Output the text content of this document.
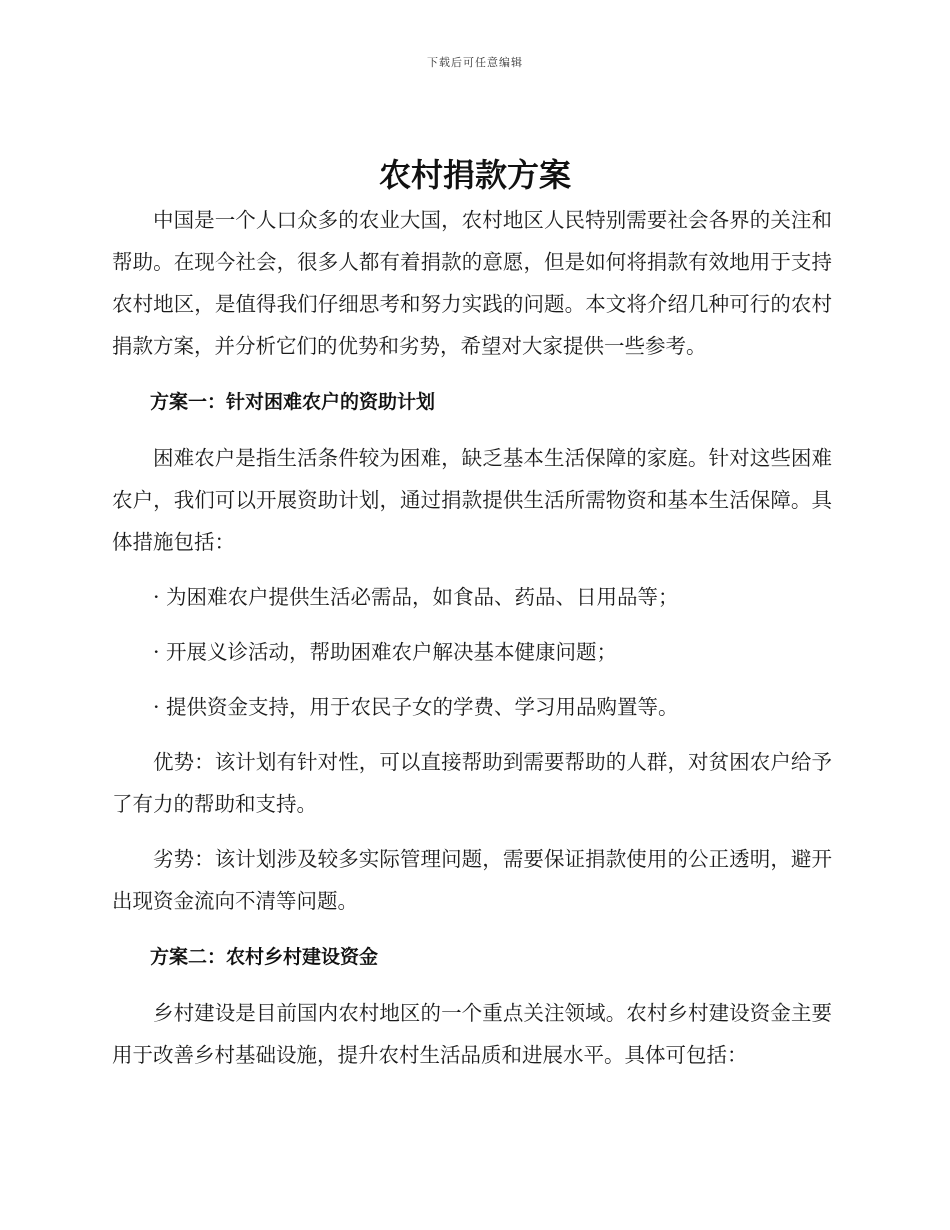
下载后可任意编辑
农村捐款方案

中国是一个人口众多的农业大国，农村地区人民特别需要社会各界的关注和帮助。在现今社会，很多人都有着捐款的意愿，但是如何将捐款有效地用于支持农村地区，是值得我们仔细思考和努力实践的问题。本文将介绍几种可行的农村捐款方案，并分析它们的优势和劣势，希望对大家提供一些参考。

方案一：针对困难农户的资助计划

困难农户是指生活条件较为困难，缺乏基本生活保障的家庭。针对这些困难农户，我们可以开展资助计划，通过捐款提供生活所需物资和基本生活保障。具体措施包括：

· 为困难农户提供生活必需品，如食品、药品、日用品等；

· 开展义诊活动，帮助困难农户解决基本健康问题；

· 提供资金支持，用于农民子女的学费、学习用品购置等。

优势：该计划有针对性，可以直接帮助到需要帮助的人群，对贫困农户给予了有力的帮助和支持。

劣势：该计划涉及较多实际管理问题，需要保证捐款使用的公正透明，避开出现资金流向不清等问题。

方案二：农村乡村建设资金

乡村建设是目前国内农村地区的一个重点关注领域。农村乡村建设资金主要用于改善乡村基础设施，提升农村生活品质和进展水平。具体可包括：
